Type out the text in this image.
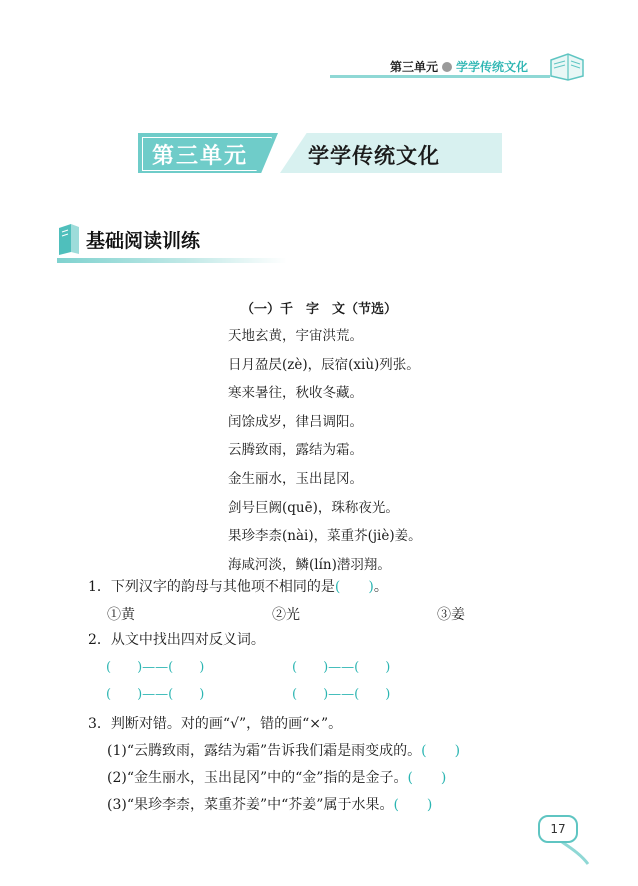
第三单元 学学传统文化
第三单元	学学传统文化
基础阅读训练
（一）千　字　文（节选）
天地玄黄，宇宙洪荒。
日月盈昃(zè)，辰宿(xiù)列张。
寒来暑往，秋收冬藏。
闰馀成岁，律吕调阳。
云腾致雨，露结为霜。
金生丽水，玉出昆冈。
剑号巨阙(quē)，珠称夜光。
果珍李柰(nài)，菜重芥(jiè)姜。
海咸河淡，鳞(lín)潜羽翔。
1．下列汉字的韵母与其他项不相同的是(　　)。
①黄	②光	③姜
2．从文中找出四对反义词。
(　　)——(　　)	(　　)——(　　)
(　　)——(　　)	(　　)——(　　)
3．判断对错。对的画“√”，错的画“×”。
(1)“云腾致雨，露结为霜”告诉我们霜是雨变成的。(　　)
(2)“金生丽水，玉出昆冈”中的“金”指的是金子。(　　)
(3)“果珍李柰，菜重芥姜”中“芥姜”属于水果。(　　)
17
